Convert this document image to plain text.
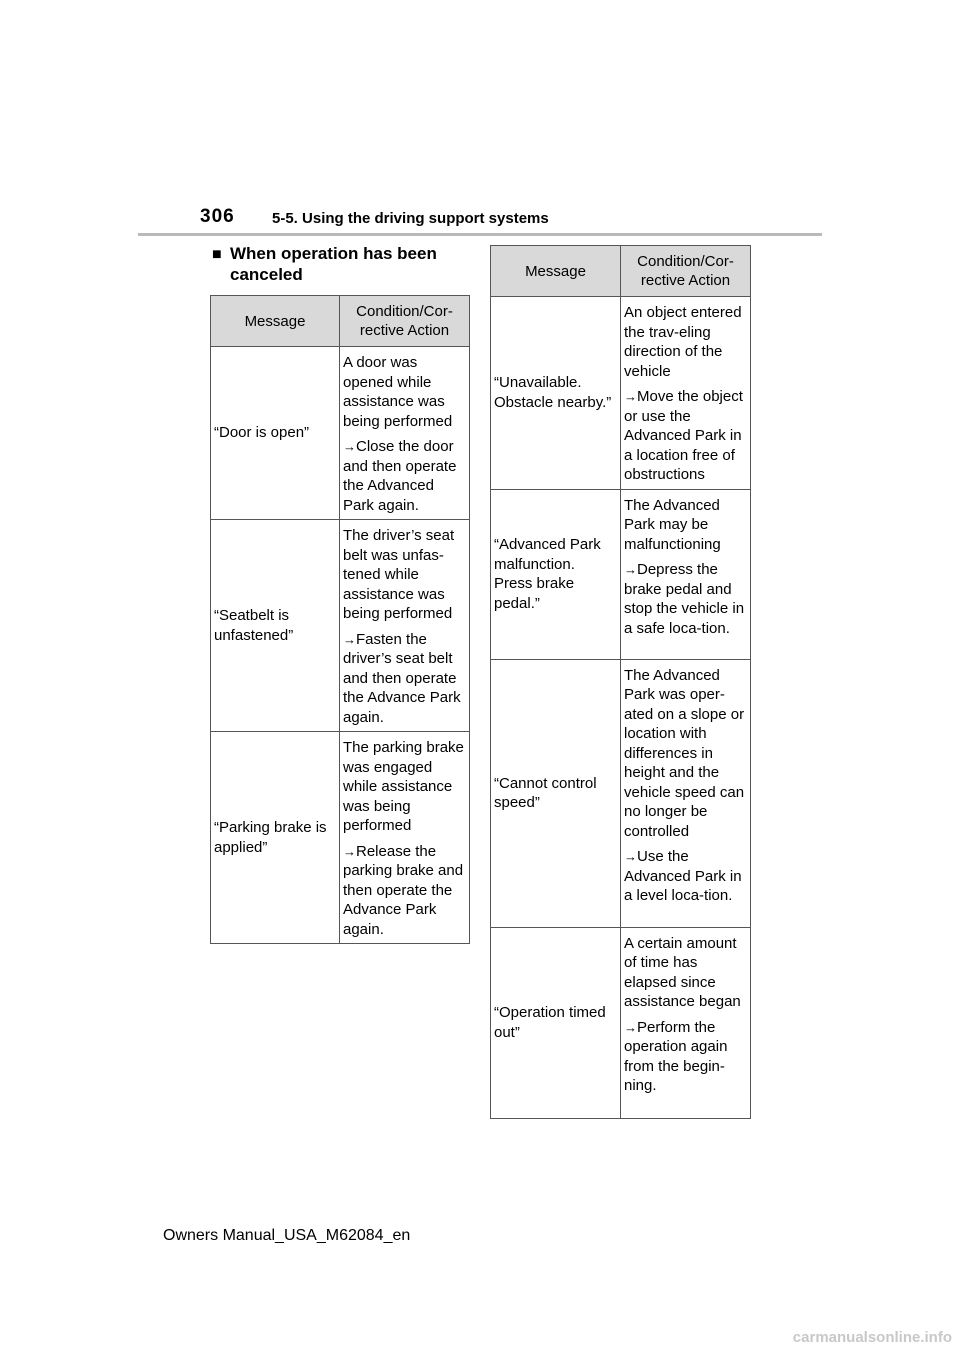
306 5-5. Using the driving support systems
■ When operation has been canceled
Message	Condition/Cor-rective Action
“Door is open”	A door was opened while assistance was being performed

→Close the door and then operate the Advanced Park again.

“Seatbelt is unfastened”	The driver’s seat belt was unfas-tened while assistance was being performed

→Fasten the driver’s seat belt and then operate the Advance Park again.

“Parking brake is applied”	The parking brake was engaged while assistance was being performed

→Release the parking brake and then operate the Advance Park again.

Message	Condition/Cor-rective Action
“Unavailable. Obstacle nearby.”	An object entered the trav-eling direction of the vehicle

→Move the object or use the Advanced Park in a location free of obstructions

“Advanced Park malfunction. Press brake pedal.”	The Advanced Park may be malfunctioning

→Depress the brake pedal and stop the vehicle in a safe loca-tion.

“Cannot control speed”	The Advanced Park was oper-ated on a slope or location with differences in height and the vehicle speed can no longer be controlled

→Use the Advanced Park in a level loca-tion.

“Operation timed out”	A certain amount of time has elapsed since assistance began

→Perform the operation again from the begin-ning.

Owners Manual_USA_M62084_en
carmanualsonline.info
